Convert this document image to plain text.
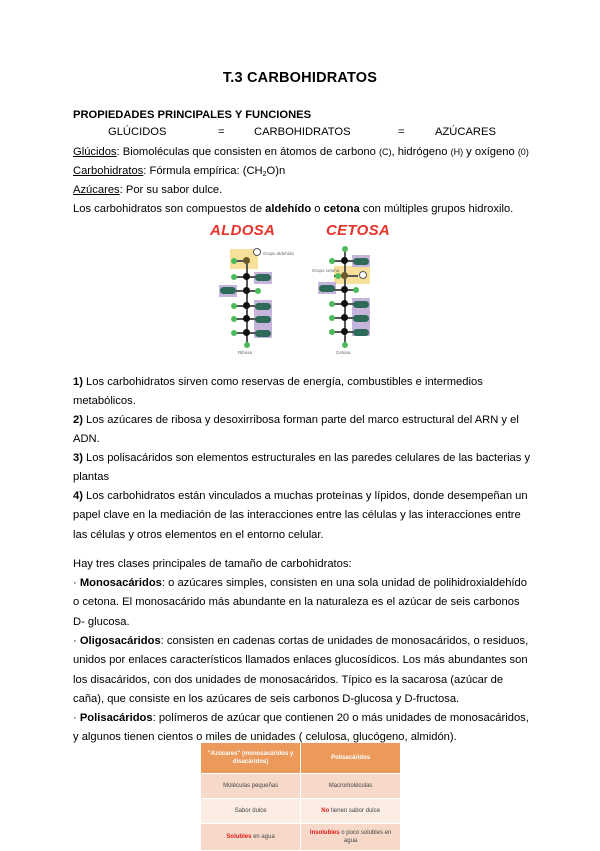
T.3 CARBOHIDRATOS
PROPIEDADES PRINCIPALES Y FUNCIONES
GLÚCIDOS	=	CARBOHIDRATOS	=	AZÚCARES
Glúcidos: Biomoléculas que consisten en átomos de carbono (C), hidrógeno (H) y oxígeno (0)
Carbohidratos: Fórmula empírica: $(CH_2O)n$
Azúcares: Por su sabor dulce.
Los carbohidratos son compuestos de aldehído o cetona con múltiples grupos hidroxilo.
ALDOSA	CETOSA
Grupo aldehído
Ribosa
Grupo cetona
Cetosa
1) Los carbohidratos sirven como reservas de energía, combustibles e intermedios metabólicos.
2) Los azúcares de ribosa y desoxirribosa forman parte del marco estructural del ARN y el ADN.
3) Los polisacáridos son elementos estructurales en las paredes celulares de las bacterias y plantas
4) Los carbohidratos están vinculados a muchas proteínas y lípidos, donde desempeñan un papel clave en la mediación de las interacciones entre las células y las interacciones entre las células y otros elementos en el entorno celular.
Hay tres clases principales de tamaño de carbohidratos:
· Monosacáridos: o azúcares simples, consisten en una sola unidad de polihidroxialdehído o cetona. El monosacárido más abundante en la naturaleza es el azúcar de seis carbonos D- glucosa.
· Oligosacáridos: consisten en cadenas cortas de unidades de monosacáridos, o residuos, unidos por enlaces característicos llamados enlaces glucosídicos. Los más abundantes son los disacáridos, con dos unidades de monosacáridos. Típico es la sacarosa (azúcar de caña), que consiste en los azúcares de seis carbonos D-glucosa y D-fructosa.
· Polisacáridos: polímeros de azúcar que contienen 20 o más unidades de monosacáridos, y algunos tienen cientos o miles de unidades ( celulosa, glucógeno, almidón).
"Azúcares" (monosacáridos y disacáridos)	Polisacáridos
Moléculas pequeñas	Macromoléculas
Sabor dulce	No tienen sabor dulce
Solubles en agua	Insolubles o poco solubles en agua
